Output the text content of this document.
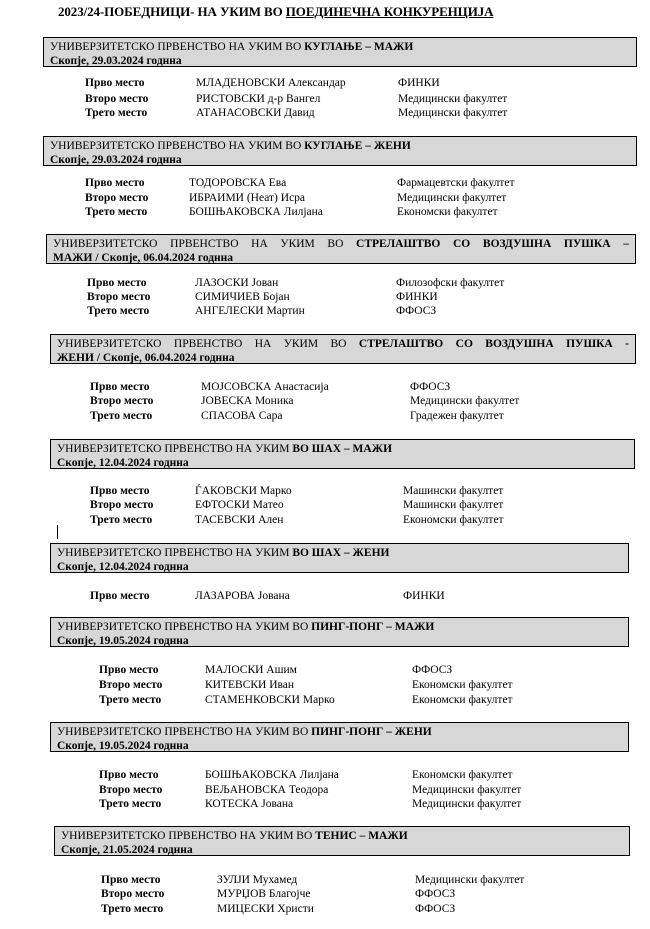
2023/24-ПОБЕДНИЦИ- НА УКИМ ВО ПОЕДИНЕЧНА КОНКУРЕНЦИЈА
УНИВЕРЗИТЕТСКО ПРВЕНСТВО НА УКИМ ВО КУГЛАЊЕ – МАЖИ
Скопје, 29.03.2024 годнна
Прво место	МЛАДЕНОВСКИ Александар	ФИНКИ
Второ место	РИСТОВСКИ д-р Вангел	Медицински факултет
Трето место	АТАНАСОВСКИ Давид	Медицински факултет
УНИВЕРЗИТЕТСКО ПРВЕНСТВО НА УКИМ ВО КУГЛАЊЕ – ЖЕНИ
Скопје, 29.03.2024 годнна
Прво место	ТОДОРОВСКА Ева	Фармацевтски факултет
Второ место	ИБРАИМИ (Неат) Исра	Медицински факултет
Трето место	БОШЊАКОВСКА Лилјана	Економски факултет
УНИВЕРЗИТЕТСКО ПРВЕНСТВО НА УКИМ ВО СТРЕЛАШТВО СО ВОЗДУШНА ПУШКА –
МАЖИ / Скопје, 06.04.2024 годнна
Прво место	ЛАЗОСКИ Јован	Филозофски факултет
Второ место	СИМИЧИЕВ Бојан	ФИНКИ
Трето место	АНГЕЛЕСКИ Мартин	ФФОСЗ
УНИВЕРЗИТЕТСКО ПРВЕНСТВО НА УКИМ ВО СТРЕЛАШТВО СО ВОЗДУШНА ПУШКА -
ЖЕНИ / Скопје, 06.04.2024 годнна
Прво место	МОЈСОВСКА Анастасија	ФФОСЗ
Второ место	ЈОВЕСКА Моника	Медицински факултет
Трето место	СПАСОВА Сара	Градежен факултет
УНИВЕРЗИТЕТСКО ПРВЕНСТВО НА УКИМ ВО ШАХ – МАЖИ
Скопје, 12.04.2024 годнна
Прво место	ЃАКОВСКИ Марко	Машински факултет
Второ место	ЕФТОСКИ Матео	Машински факултет
Трето место	ТАСЕВСКИ Ален	Економски факултет
УНИВЕРЗИТЕТСКО ПРВЕНСТВО НА УКИМ ВО ШАХ – ЖЕНИ
Скопје, 12.04.2024 годнна
Прво место	ЛАЗАРОВА Јована	ФИНКИ
УНИВЕРЗИТЕТСКО ПРВЕНСТВО НА УКИМ ВО ПИНГ-ПОНГ – МАЖИ
Скопје, 19.05.2024 годнна
Прво место	МАЛОСКИ Ашим	ФФОСЗ
Второ место	КИТЕВСКИ Иван	Економски факултет
Трето место	СТАМЕНКОВСКИ Марко	Економски факултет
УНИВЕРЗИТЕТСКО ПРВЕНСТВО НА УКИМ ВО ПИНГ-ПОНГ – ЖЕНИ
Скопје, 19.05.2024 годнна
Прво место	БОШЊАКОВСКА Лилјана	Економски факултет
Второ место	ВЕЉАНОВСКА Теодора	Медицински факултет
Трето место	КОТЕСКА Јована	Медицински факултет
УНИВЕРЗИТЕТСКО ПРВЕНСТВО НА УКИМ ВО ТЕНИС – МАЖИ
Скопје, 21.05.2024 годнна
Прво место	ЗУЛЈИ Мухамед	Медицински факултет
Второ место	МУРЏОВ Благојче	ФФОСЗ
Трето место	МИЦЕСКИ Христи	ФФОСЗ
